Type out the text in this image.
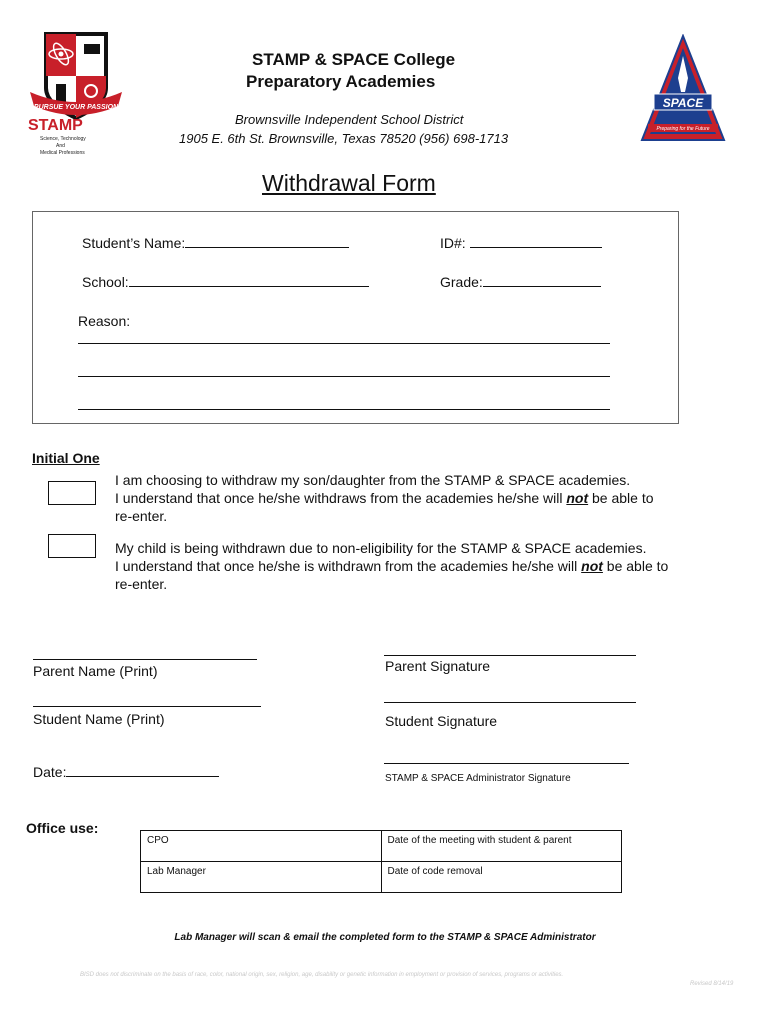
PURSUE YOUR PASSION
STAMP
Science, Technology
And
Medical Professions
SPACE
Preparing for the Future
STAMP & SPACE College
Preparatory Academies
Brownsville Independent School District
1905 E. 6th St. Brownsville, Texas 78520 (956) 698-1713
Withdrawal Form
Student’s Name:	ID#:
School:	Grade:
Reason:
Initial One
I am choosing to withdraw my son/daughter from the STAMP & SPACE academies.
I understand that once he/she withdraws from the academies he/she will not be able to
re-enter.
My child is being withdrawn due to non-eligibility for the STAMP & SPACE academies.
I understand that once he/she is withdrawn from the academies he/she will not be able to
re-enter.
Parent Name (Print)	Parent Signature
Student Name (Print)	Student Signature
Date:	STAMP & SPACE Administrator Signature
Office use:
CPO	Date of the meeting with student & parent
Lab Manager	Date of code removal
Lab Manager will scan & email the completed form to the STAMP & SPACE Administrator
BISD does not discriminate on the basis of race, color, national origin, sex, religion, age, disability or genetic information in employment or provision of services, programs or activities.
Revised 8/14/19
